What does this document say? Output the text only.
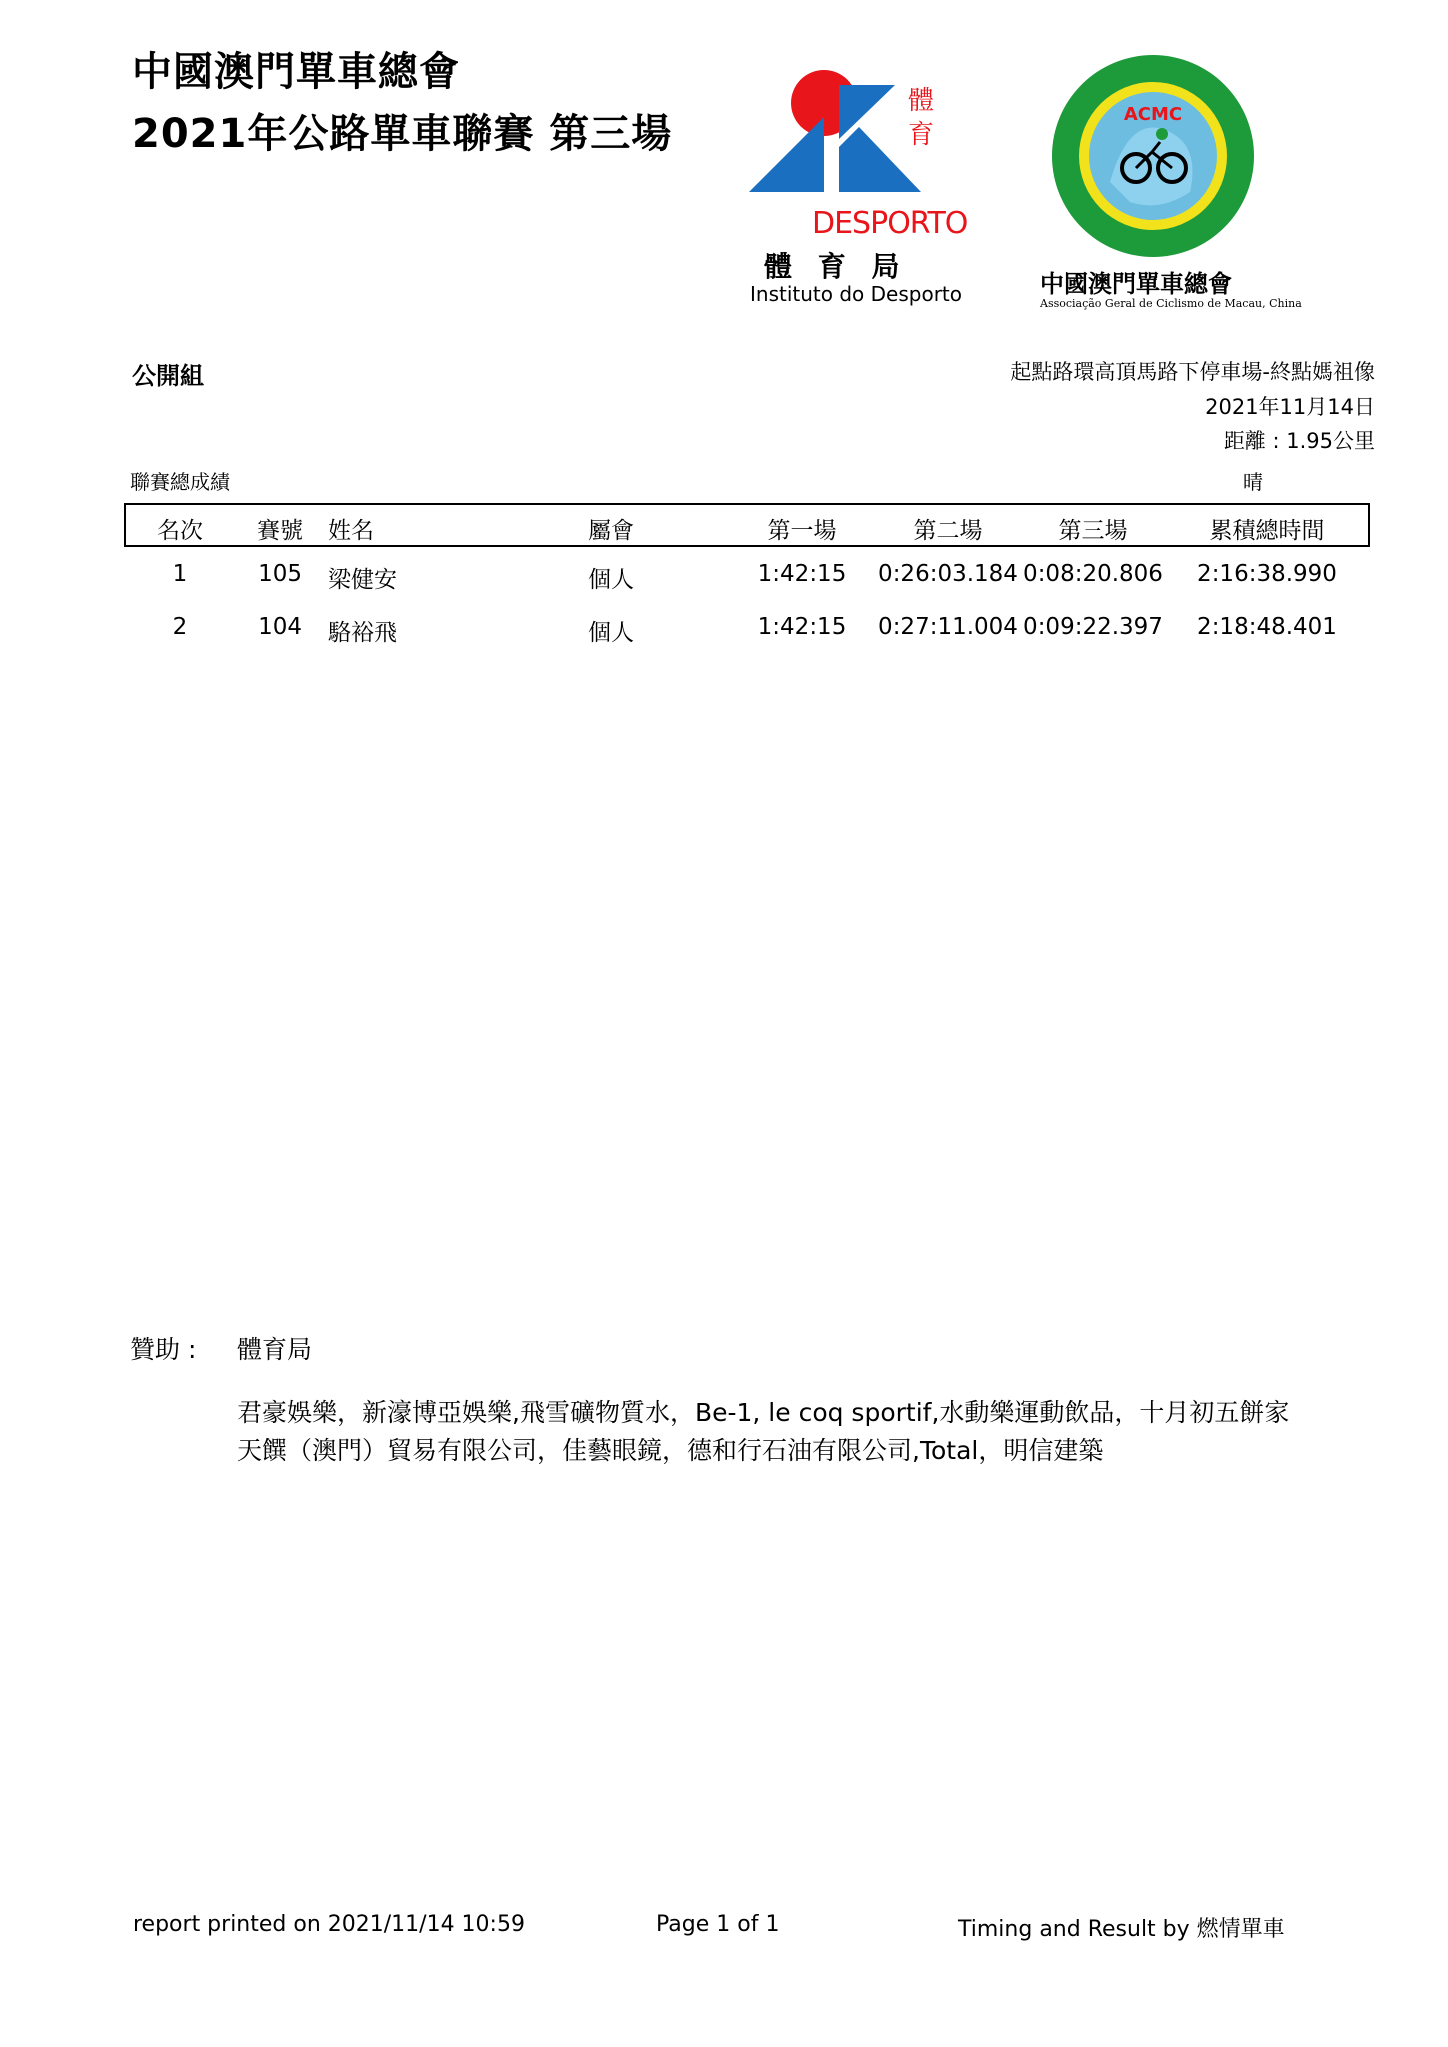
中國澳門單車總會
2021年公路單車聯賽 第三場
體育
DESPORTO
體 育 局
Instituto do Desporto
ACMC
中國澳門單車總會
Associação Geral de Ciclismo de Macau, China
公開組	起點路環高頂馬路下停車場-終點媽祖像
2021年11月14日
距離 : 1.95公里
聯賽總成績	晴
名次 賽號 姓名	屬會	第一場	第二場	第三場	累積總時間
1	105 梁健安	個人	1:42:15 0:26:03.184 0:08:20.806 2:16:38.990
2	104 駱裕飛	個人	1:42:15 0:27:11.004 0:09:22.397 2:18:48.401
贊助 : 體育局
君豪娛樂，新濠博亞娛樂,飛雪礦物質水，Be-1, le coq sportif,水動樂運動飲品，十月初五餅家
天饌（澳門）貿易有限公司，佳藝眼鏡，德和行石油有限公司,Total，明信建築
report printed on 2021/11/14 10:59	Page 1 of 1	Timing and Result by 燃情單車
